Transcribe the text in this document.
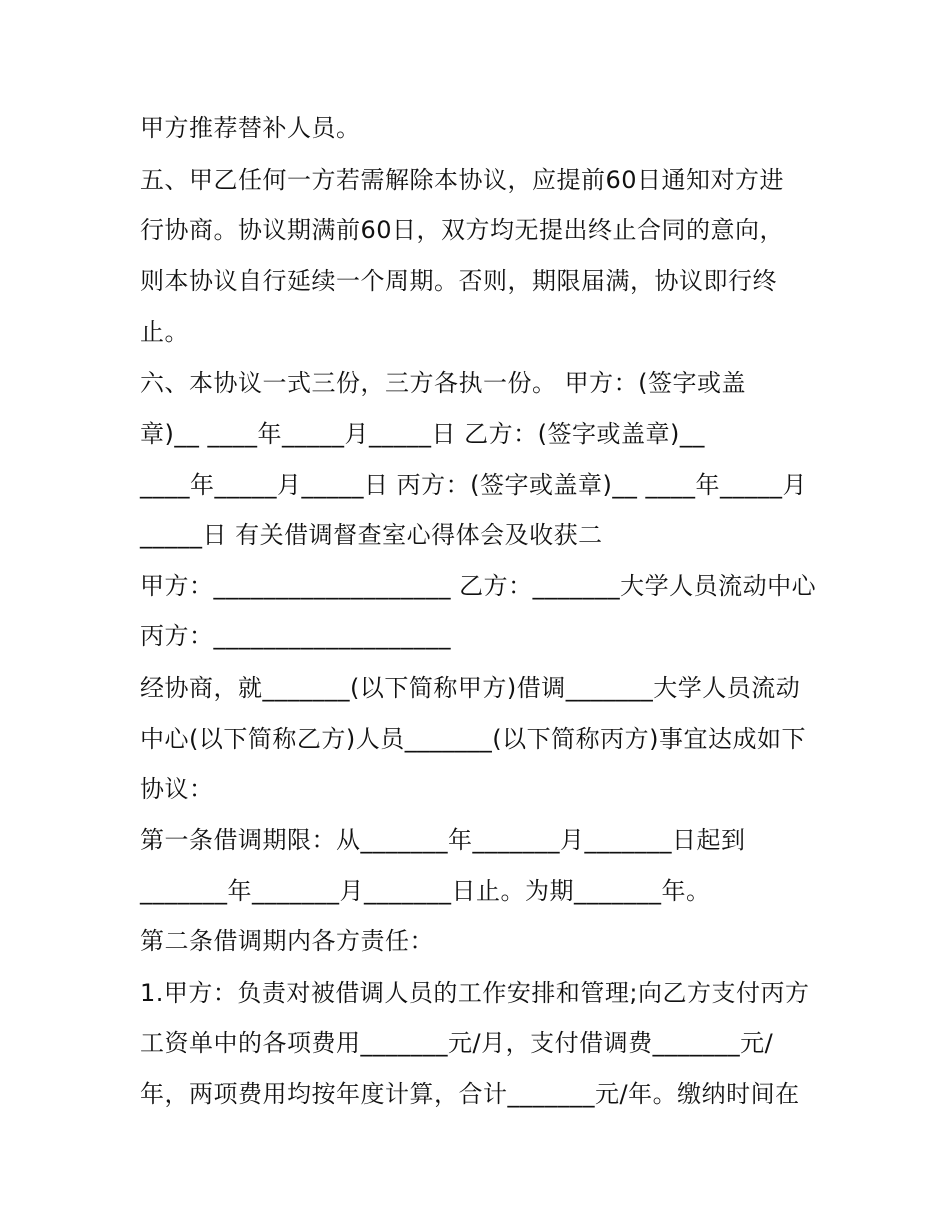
甲方推荐替补人员。
五、甲乙任何一方若需解除本协议，应提前60日通知对方进
行协商。协议期满前60日，双方均无提出终止合同的意向，
则本协议自行延续一个周期。否则，期限届满，协议即行终
止。
六、本协议一式三份，三方各执一份。 甲方：(签字或盖
章)__ ____年_____月_____日 乙方：(签字或盖章)__
____年_____月_____日 丙方：(签字或盖章)__ ____年_____月
_____日 有关借调督查室心得体会及收获二
甲方：___________________ 乙方：_______大学人员流动中心
丙方：___________________
经协商，就_______(以下简称甲方)借调_______大学人员流动
中心(以下简称乙方)人员_______(以下简称丙方)事宜达成如下
协议：
第一条借调期限：从_______年_______月_______日起到
_______年_______月_______日止。为期_______年。
第二条借调期内各方责任：
1.甲方：负责对被借调人员的工作安排和管理;向乙方支付丙方
工资单中的各项费用_______元/月，支付借调费_______元/
年，两项费用均按年度计算，合计_______元/年。缴纳时间在
